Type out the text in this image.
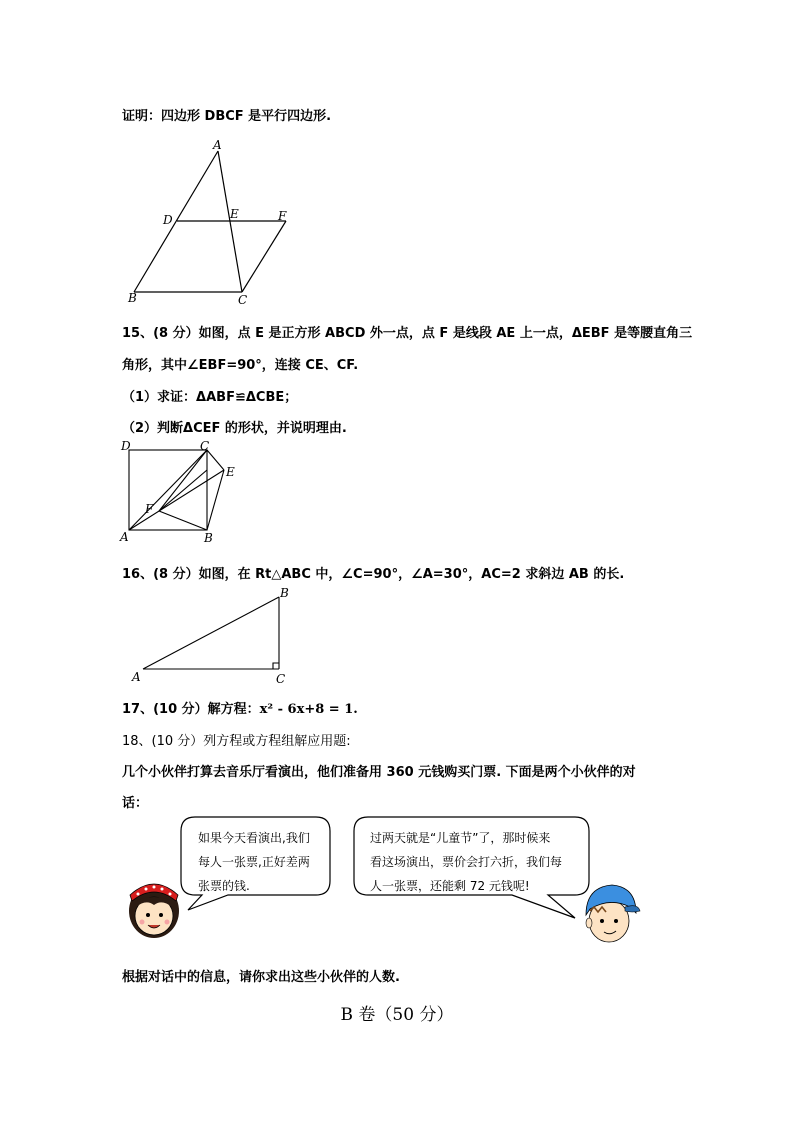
证明：四边形 DBCF 是平行四边形.
A
D	E	F
B	C
15、(8 分）如图，点 E 是正方形 ABCD 外一点，点 F 是线段 AE 上一点，ΔEBF 是等腰直角三
角形，其中∠EBF=90°，连接 CE、CF.
（1）求证：ΔABF≌ΔCBE；
（2）判断ΔCEF 的形状，并说明理由.
D	C
E
F
A	B
16、(8 分）如图，在 Rt△ABC 中，∠C=90°，∠A=30°，AC=2 求斜边 AB 的长.
B
A	C
17、(10 分）解方程：x² - 6x+8 = 1.
18、(10 分）列方程或方程组解应用题:
几个小伙伴打算去音乐厅看演出，他们准备用 360 元钱购买门票. 下面是两个小伙伴的对
话：
如果今天看演出,我们
每人一张票,正好差两
张票的钱.
过两天就是“儿童节”了，那时候来
看这场演出，票价会打六折，我们每
人一张票，还能剩 72 元钱呢!
根据对话中的信息，请你求出这些小伙伴的人数.
B 卷（50 分）
